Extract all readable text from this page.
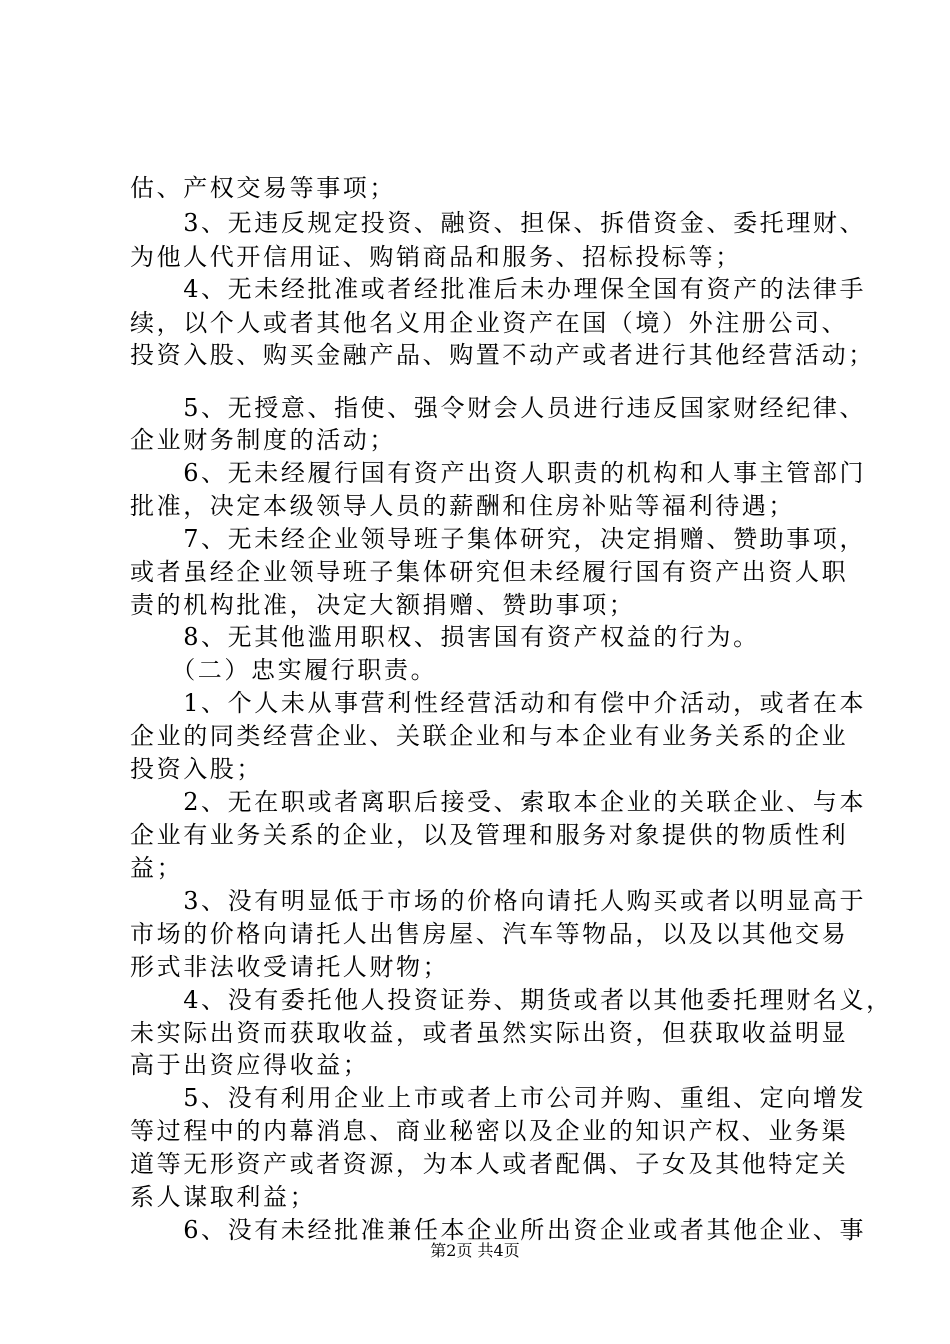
估、产权交易等事项；
　　3、无违反规定投资、融资、担保、拆借资金、委托理财、
为他人代开信用证、购销商品和服务、招标投标等；
　　4、无未经批准或者经批准后未办理保全国有资产的法律手
续，以个人或者其他名义用企业资产在国（境）外注册公司、
投资入股、购买金融产品、购置不动产或者进行其他经营活动；
　　5、无授意、指使、强令财会人员进行违反国家财经纪律、
企业财务制度的活动；
　　6、无未经履行国有资产出资人职责的机构和人事主管部门
批准，决定本级领导人员的薪酬和住房补贴等福利待遇；
　　7、无未经企业领导班子集体研究，决定捐赠、赞助事项，
或者虽经企业领导班子集体研究但未经履行国有资产出资人职
责的机构批准，决定大额捐赠、赞助事项；
　　8、无其他滥用职权、损害国有资产权益的行为。
　　（二）忠实履行职责。
　　1、个人未从事营利性经营活动和有偿中介活动，或者在本
企业的同类经营企业、关联企业和与本企业有业务关系的企业
投资入股；
　　2、无在职或者离职后接受、索取本企业的关联企业、与本
企业有业务关系的企业，以及管理和服务对象提供的物质性利
益；
　　3、没有明显低于市场的价格向请托人购买或者以明显高于
市场的价格向请托人出售房屋、汽车等物品，以及以其他交易
形式非法收受请托人财物；
　　4、没有委托他人投资证券、期货或者以其他委托理财名义，
未实际出资而获取收益，或者虽然实际出资，但获取收益明显
高于出资应得收益；
　　5、没有利用企业上市或者上市公司并购、重组、定向增发
等过程中的内幕消息、商业秘密以及企业的知识产权、业务渠
道等无形资产或者资源，为本人或者配偶、子女及其他特定关
系人谋取利益；
　　6、没有未经批准兼任本企业所出资企业或者其他企业、事
第2页 共4页
